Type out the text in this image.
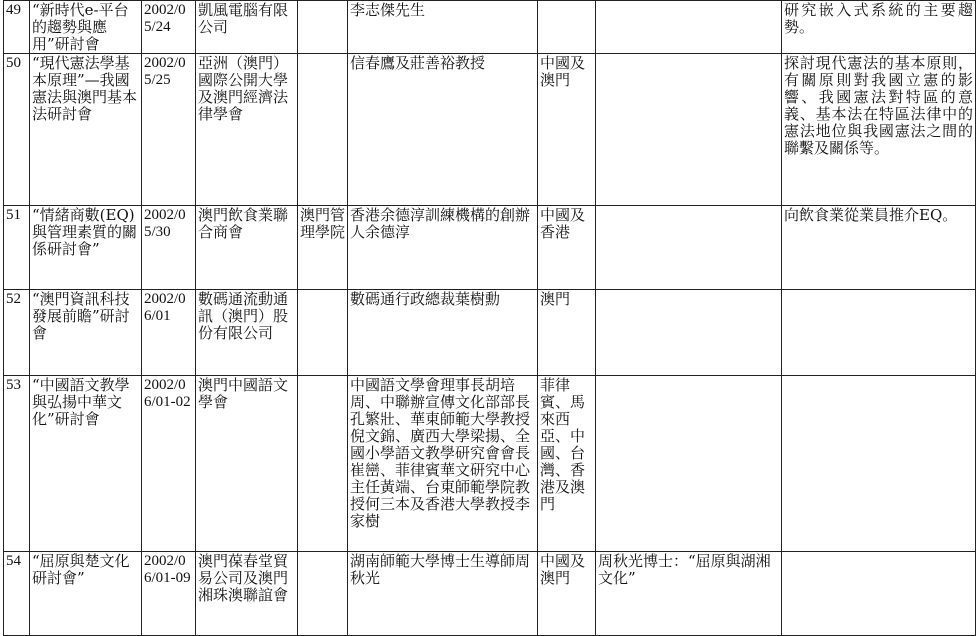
49	“新時代e-平台的趨勢與應用”研討會	2002/05/24	凱風電腦有限公司		李志傑先生			研究嵌入式系統的主要趨勢。
50	“現代憲法學基本原理”—我國憲法與澳門基本法研討會	2002/05/25	亞洲（澳門）國際公開大學及澳門經濟法律學會		信春鷹及莊善裕教授	中國及澳門		探討現代憲法的基本原則，有關原則對我國立憲的影響、我國憲法對特區的意義、基本法在特區法律中的憲法地位與我國憲法之間的聯繫及關係等。
51	“情緒商數(EQ)與管理素質的關係研討會”	2002/05/30	澳門飲食業聯合商會	澳門管理學院	香港余德淳訓練機構的創辦人余德淳	中國及香港		向飲食業從業員推介EQ。
52	“澳門資訊科技發展前瞻”研討會	2002/06/01	數碼通流動通訊（澳門）股份有限公司		數碼通行政總裁葉樹勳	澳門		
53	“中國語文教學與弘揚中華文化”研討會	2002/06/01-02	澳門中國語文學會		中國語文學會理事長胡培周、中聯辦宣傳文化部部長孔繁壯、華東師範大學教授倪文錦、廣西大學梁揚、全國小學語文教學研究會會長崔巒、菲律賓華文研究中心主任黃端、台東師範學院教授何三本及香港大學教授李家樹	菲律賓、馬來西亞、中國、台灣、香港及澳門		
54	“屈原與楚文化研討會”	2002/06/01-09	澳門葆春堂貿易公司及澳門湘珠澳聯誼會		湖南師範大學博士生導師周秋光	中國及澳門	周秋光博士：“屈原與湖湘文化”	
